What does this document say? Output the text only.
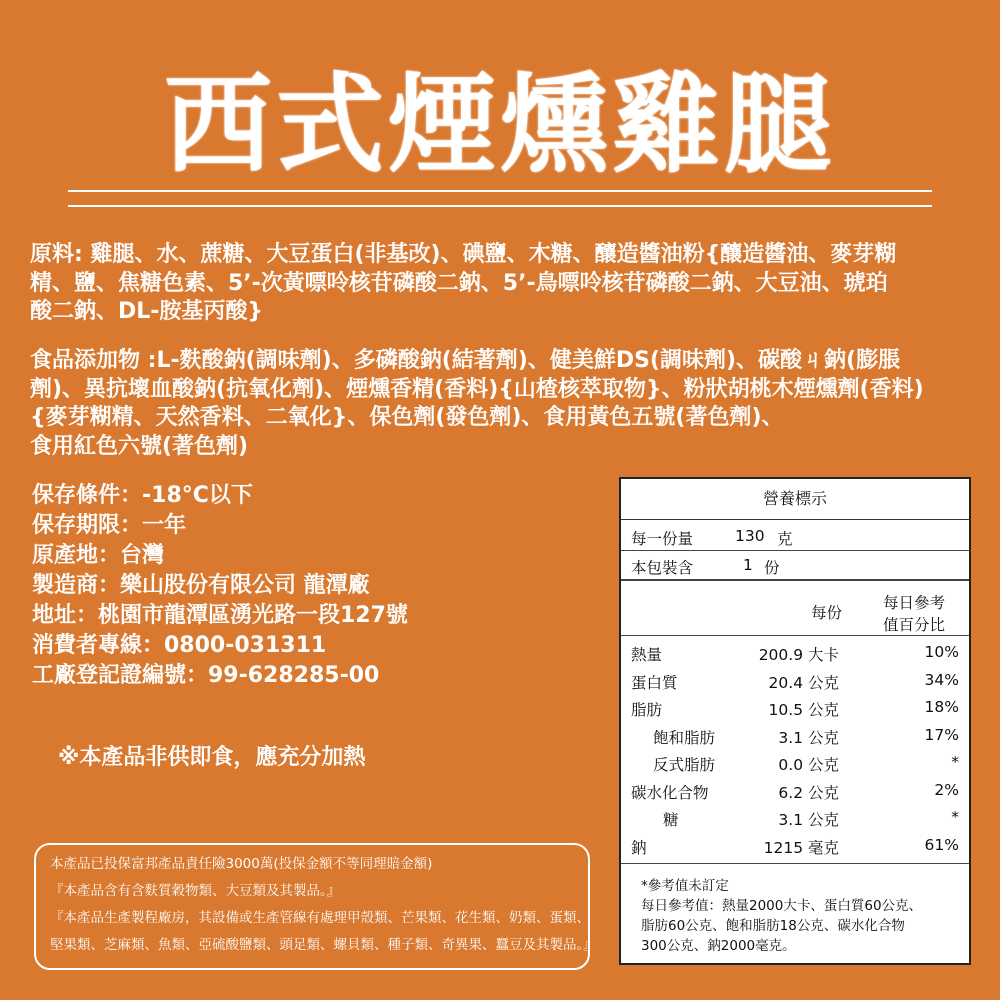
西式煙燻雞腿
原料: 雞腿、水、蔗糖、大豆蛋白(非基改)、碘鹽、木糖、釀造醬油粉{釀造醬油、麥芽糊
精、鹽、焦糖色素、5’-次黃嘌呤核苷磷酸二鈉、5’-鳥嘌呤核苷磷酸二鈉、大豆油、琥珀
酸二鈉、DL-胺基丙酸}
食品添加物 :L-麩酸鈉(調味劑)、多磷酸鈉(結著劑)、健美鮮DS(調味劑)、碳酸ㄐ鈉(膨脹
劑)、異抗壞血酸鈉(抗氧化劑)、煙燻香精(香料){山楂核萃取物}、粉狀胡桃木煙燻劑(香料)
{麥芽糊精、天然香料、二氧化}、保色劑(發色劑)、食用黃色五號(著色劑)、
食用紅色六號(著色劑)
保存條件：-18°C以下
保存期限：一年
原產地：台灣
製造商：樂山股份有限公司 龍潭廠
地址：桃園市龍潭區湧光路一段127號
消費者專線：0800-031311
工廠登記證編號：99-628285-00
※本產品非供即食，應充分加熱
本產品已投保富邦產品責任險3000萬(投保金額不等同理賠金額)
『本產品含有含麩質穀物類、大豆類及其製品。』
『本產品生產製程廠房，其設備或生產管線有處理甲殼類、芒果類、花生類、奶類、蛋類、
堅果類、芝麻類、魚類、亞硫酸鹽類、頭足類、螺貝類、種子類、奇異果、蠶豆及其製品。』
營養標示
每一份量	130 克
本包裝含	1 份
每份
每日參考
值百分比
熱量	200.9 大卡	10%
蛋白質	20.4 公克	34%
脂肪	10.5 公克	18%
飽和脂肪	3.1 公克	17%
反式脂肪	0.0 公克	*
碳水化合物	6.2 公克	2%
糖	3.1 公克	*
鈉	1215 毫克	61%
*參考值未訂定
每日參考值：熱量2000大卡、蛋白質60公克、
脂肪60公克、飽和脂肪18公克、碳水化合物
300公克、鈉2000毫克。
